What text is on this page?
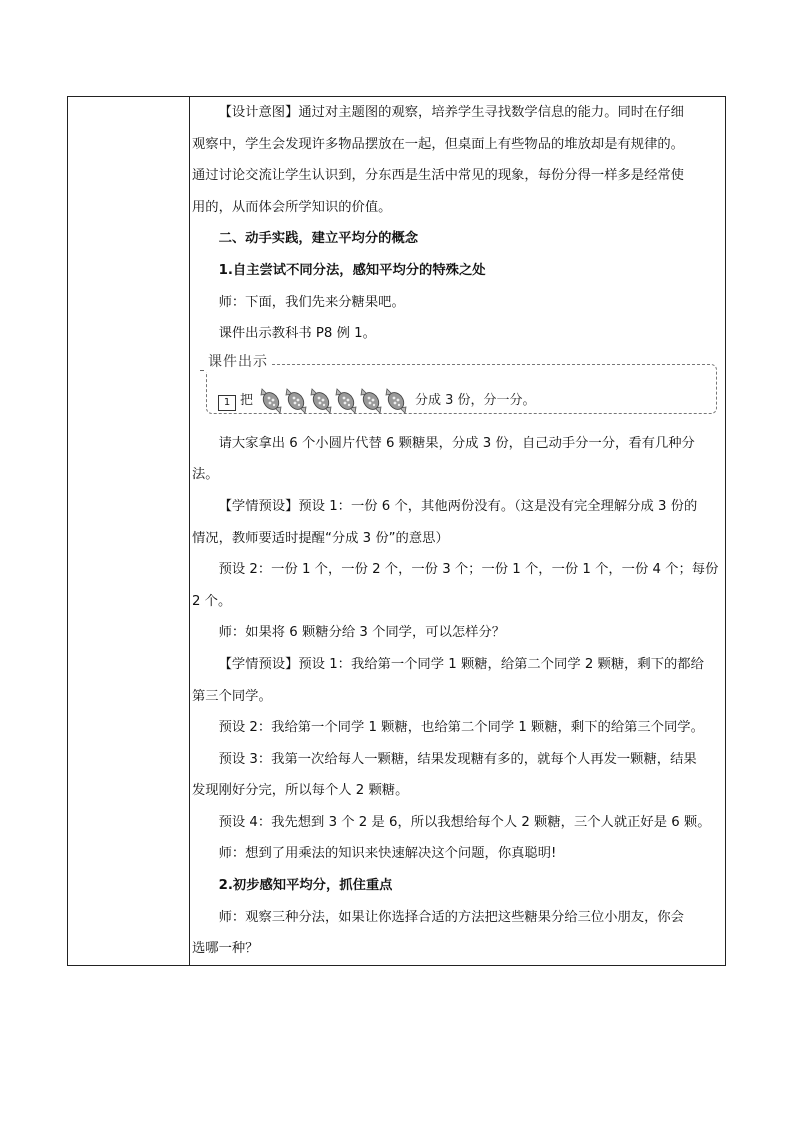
【设计意图】通过对主题图的观察，培养学生寻找数学信息的能力。同时在仔细

观察中，学生会发现许多物品摆放在一起，但桌面上有些物品的堆放却是有规律的。

通过讨论交流让学生认识到，分东西是生活中常见的现象，每份分得一样多是经常使

用的，从而体会所学知识的价值。

二、动手实践，建立平均分的概念

1.自主尝试不同分法，感知平均分的特殊之处

师：下面，我们先来分糖果吧。

课件出示教科书 P8 例 1。

课件出示
1 把	分成 3 份，分一分。

请大家拿出 6 个小圆片代替 6 颗糖果，分成 3 份，自己动手分一分，看有几种分

法。

【学情预设】预设 1：一份 6 个，其他两份没有。（这是没有完全理解分成 3 份的

情况，教师要适时提醒“分成 3 份”的意思）

预设 2：一份 1 个，一份 2 个，一份 3 个；一份 1 个，一份 1 个，一份 4 个；每份

2 个。

师：如果将 6 颗糖分给 3 个同学，可以怎样分？

【学情预设】预设 1：我给第一个同学 1 颗糖，给第二个同学 2 颗糖，剩下的都给

第三个同学。

预设 2：我给第一个同学 1 颗糖，也给第二个同学 1 颗糖，剩下的给第三个同学。

预设 3：我第一次给每人一颗糖，结果发现糖有多的，就每个人再发一颗糖，结果

发现刚好分完，所以每个人 2 颗糖。

预设 4：我先想到 3 个 2 是 6，所以我想给每个人 2 颗糖，三个人就正好是 6 颗。

师：想到了用乘法的知识来快速解决这个问题，你真聪明!

2.初步感知平均分，抓住重点

师：观察三种分法，如果让你选择合适的方法把这些糖果分给三位小朋友，你会

选哪一种？
